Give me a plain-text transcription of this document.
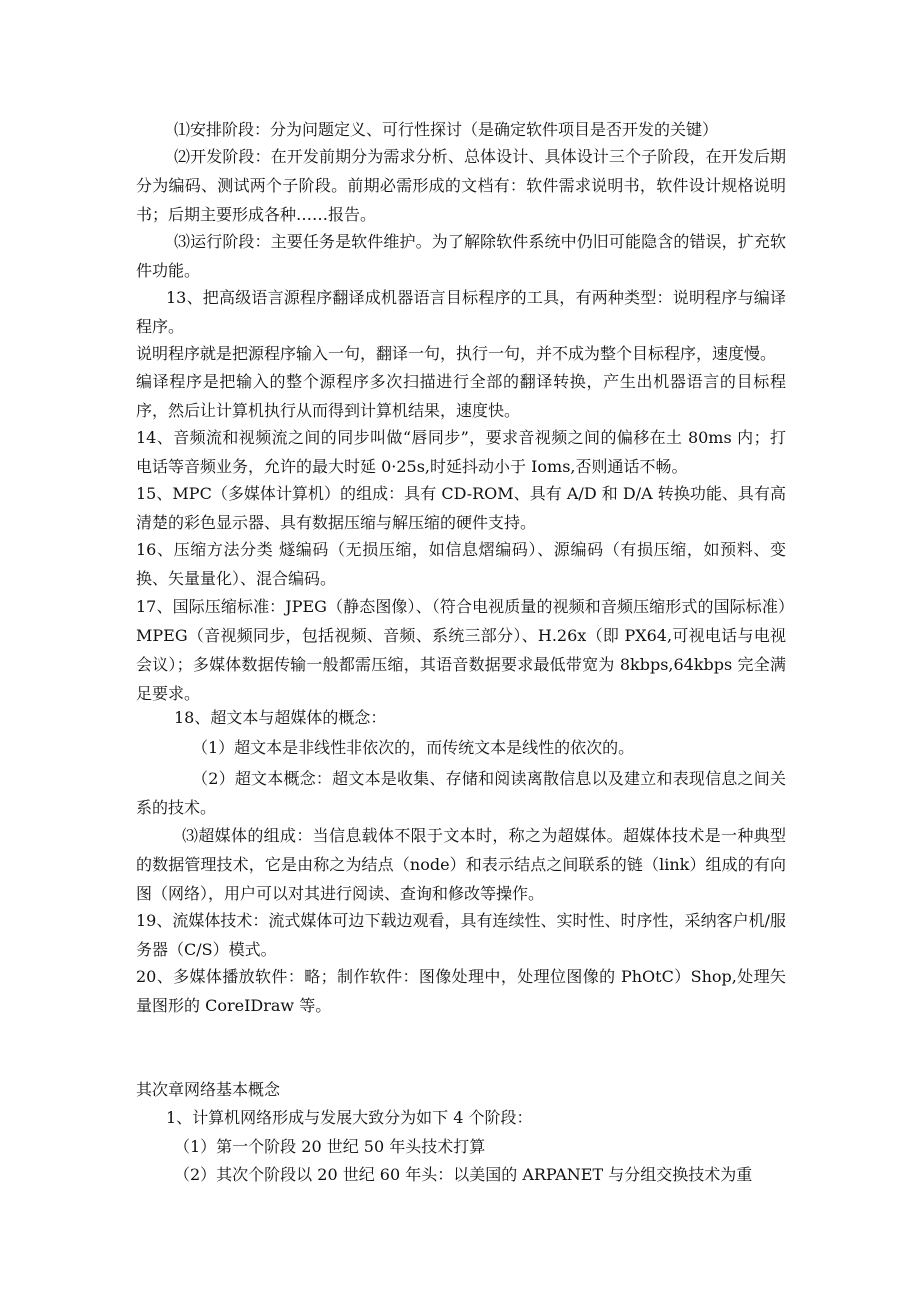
⑴安排阶段：分为问题定义、可行性探讨（是确定软件项目是否开发的关键）
⑵开发阶段：在开发前期分为需求分析、总体设计、具体设计三个子阶段，在开发后期分为编码、测试两个子阶段。前期必需形成的文档有：软件需求说明书，软件设计规格说明书；后期主要形成各种……报告。
⑶运行阶段：主要任务是软件维护。为了解除软件系统中仍旧可能隐含的错误，扩充软件功能。
13、把高级语言源程序翻译成机器语言目标程序的工具，有两种类型：说明程序与编译程序。
说明程序就是把源程序输入一句，翻译一句，执行一句，并不成为整个目标程序，速度慢。
编译程序是把输入的整个源程序多次扫描进行全部的翻译转换，产生出机器语言的目标程序，然后让计算机执行从而得到计算机结果，速度快。
14、音频流和视频流之间的同步叫做“唇同步”，要求音视频之间的偏移在土 80ms 内；打电话等音频业务，允许的最大时延 0·25s,时延抖动小于 Ioms,否则通话不畅。
15、MPC（多媒体计算机）的组成：具有 CD-ROM、具有 A/D 和 D/A 转换功能、具有高清楚的彩色显示器、具有数据压缩与解压缩的硬件支持。
16、压缩方法分类 燧编码（无损压缩，如信息熠编码）、源编码（有损压缩，如预料、变换、矢量量化）、混合编码。
17、国际压缩标准：JPEG（静态图像）、（符合电视质量的视频和音频压缩形式的国际标准）MPEG（音视频同步，包括视频、音频、系统三部分）、H.26x（即 PX64,可视电话与电视会议）；多媒体数据传输一般都需压缩，其语音数据要求最低带宽为 8kbps,64kbps 完全满足要求。
18、超文本与超媒体的概念：
（1）超文本是非线性非依次的，而传统文本是线性的依次的。
（2）超文本概念：超文本是收集、存储和阅读离散信息以及建立和表现信息之间关系的技术。
⑶超媒体的组成：当信息载体不限于文本时，称之为超媒体。超媒体技术是一种典型的数据管理技术，它是由称之为结点（node）和表示结点之间联系的链（link）组成的有向图（网络），用户可以对其进行阅读、查询和修改等操作。
19、流媒体技术：流式媒体可边下载边观看，具有连续性、实时性、时序性，采纳客户机/服务器（C/S）模式。
20、多媒体播放软件：略；制作软件：图像处理中，处理位图像的 PhOtC）Shop,处理矢量图形的 CoreIDraw 等。
其次章网络基本概念
1、计算机网络形成与发展大致分为如下 4 个阶段：
（1）第一个阶段 20 世纪 50 年头技术打算
（2）其次个阶段以 20 世纪 60 年头：以美国的 ARPANET 与分组交换技术为重
